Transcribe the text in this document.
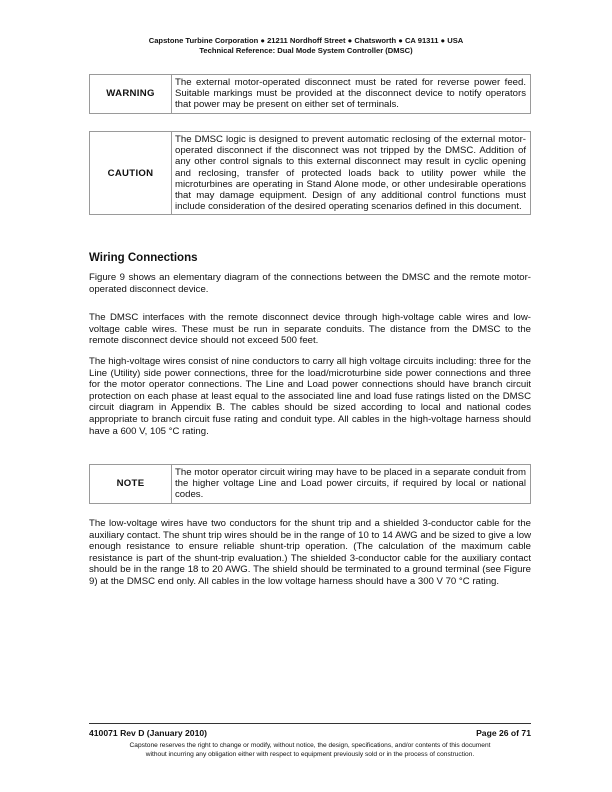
Capstone Turbine Corporation ● 21211 Nordhoff Street ● Chatsworth ● CA 91311 ● USA
Technical Reference: Dual Mode System Controller (DMSC)
WARNING	The external motor-operated disconnect must be rated for reverse power feed. Suitable markings must be provided at the disconnect device to notify operators that power may be present on either set of terminals.
CAUTION	The DMSC logic is designed to prevent automatic reclosing of the external motor-operated disconnect if the disconnect was not tripped by the DMSC. Addition of any other control signals to this external disconnect may result in cyclic opening and reclosing, transfer of protected loads back to utility power while the microturbines are operating in Stand Alone mode, or other undesirable operations that may damage equipment. Design of any additional control functions must include consideration of the desired operating scenarios defined in this document.
Wiring Connections

Figure 9 shows an elementary diagram of the connections between the DMSC and the remote motor-operated disconnect device.

The DMSC interfaces with the remote disconnect device through high-voltage cable wires and low-voltage cable wires. These must be run in separate conduits. The distance from the DMSC to the remote disconnect device should not exceed 500 feet.

The high-voltage wires consist of nine conductors to carry all high voltage circuits including: three for the Line (Utility) side power connections, three for the load/microturbine side power connections and three for the motor operator connections. The Line and Load power connections should have branch circuit protection on each phase at least equal to the associated line and load fuse ratings listed on the DMSC circuit diagram in Appendix B. The cables should be sized according to local and national codes appropriate to branch circuit fuse rating and conduit type. All cables in the high-voltage harness should have a 600 V, 105 °C rating.

NOTE	The motor operator circuit wiring may have to be placed in a separate conduit from the higher voltage Line and Load power circuits, if required by local or national codes.

The low-voltage wires have two conductors for the shunt trip and a shielded 3-conductor cable for the auxiliary contact. The shunt trip wires should be in the range of 10 to 14 AWG and be sized to give a low enough resistance to ensure reliable shunt-trip operation. (The calculation of the maximum cable resistance is part of the shunt-trip evaluation.) The shielded 3-conductor cable for the auxiliary contact should be in the range 18 to 20 AWG. The shield should be terminated to a ground terminal (see Figure 9) at the DMSC end only. All cables in the low voltage harness should have a 300 V 70 °C rating.

410071 Rev D (January 2010)	Page 26 of 71
Capstone reserves the right to change or modify, without notice, the design, specifications, and/or contents of this document
without incurring any obligation either with respect to equipment previously sold or in the process of construction.
